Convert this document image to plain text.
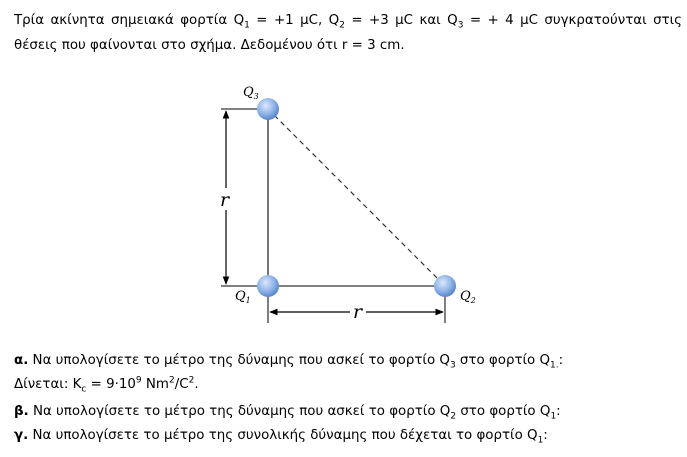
Τρία ακίνητα σημειακά φορτία $Q_1 = +1$ μC, $Q_2 = +3$ μC και $Q_3$ = + 4 μC συγκρατούνται στις θέσεις που φαίνονται στο σχήμα. Δεδομένου ότι r = 3 cm.
r
r
$Q_3$
$Q_1$	$Q_2$
α. Να υπολογίσετε το μέτρο της δύναμης που ασκεί το φορτίο $Q_3$ στο φορτίο $Q_{1.}$:
Δίνεται: $K_c = 9\cdot 10^9$ $Nm^2/C^2$.
β. Να υπολογίσετε το μέτρο της δύναμης που ασκεί το φορτίο $Q_2$ στο φορτίο $Q_1$:
γ. Να υπολογίσετε το μέτρο της συνολικής δύναμης που δέχεται το φορτίο $Q_1$:
